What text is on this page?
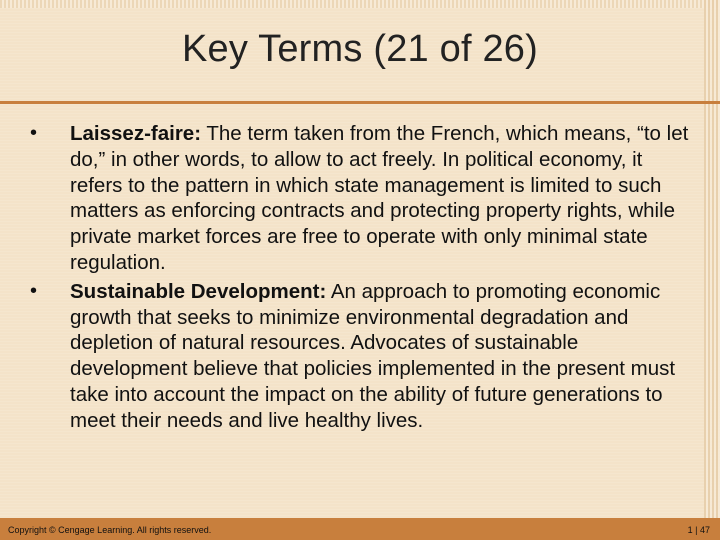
Key Terms (21 of 26)
•	Laissez-faire: The term taken from the French, which means, “to let do,” in other words, to allow to act freely. In political economy, it refers to the pattern in which state management is limited to such matters as enforcing contracts and protecting property rights, while private market forces are free to operate with only minimal state regulation.
•	Sustainable Development: An approach to promoting economic growth that seeks to minimize environmental degradation and depletion of natural resources. Advocates of sustainable development believe that policies implemented in the present must take into account the impact on the ability of future generations to meet their needs and live healthy lives.
Copyright © Cengage Learning. All rights reserved.	1 | 47
